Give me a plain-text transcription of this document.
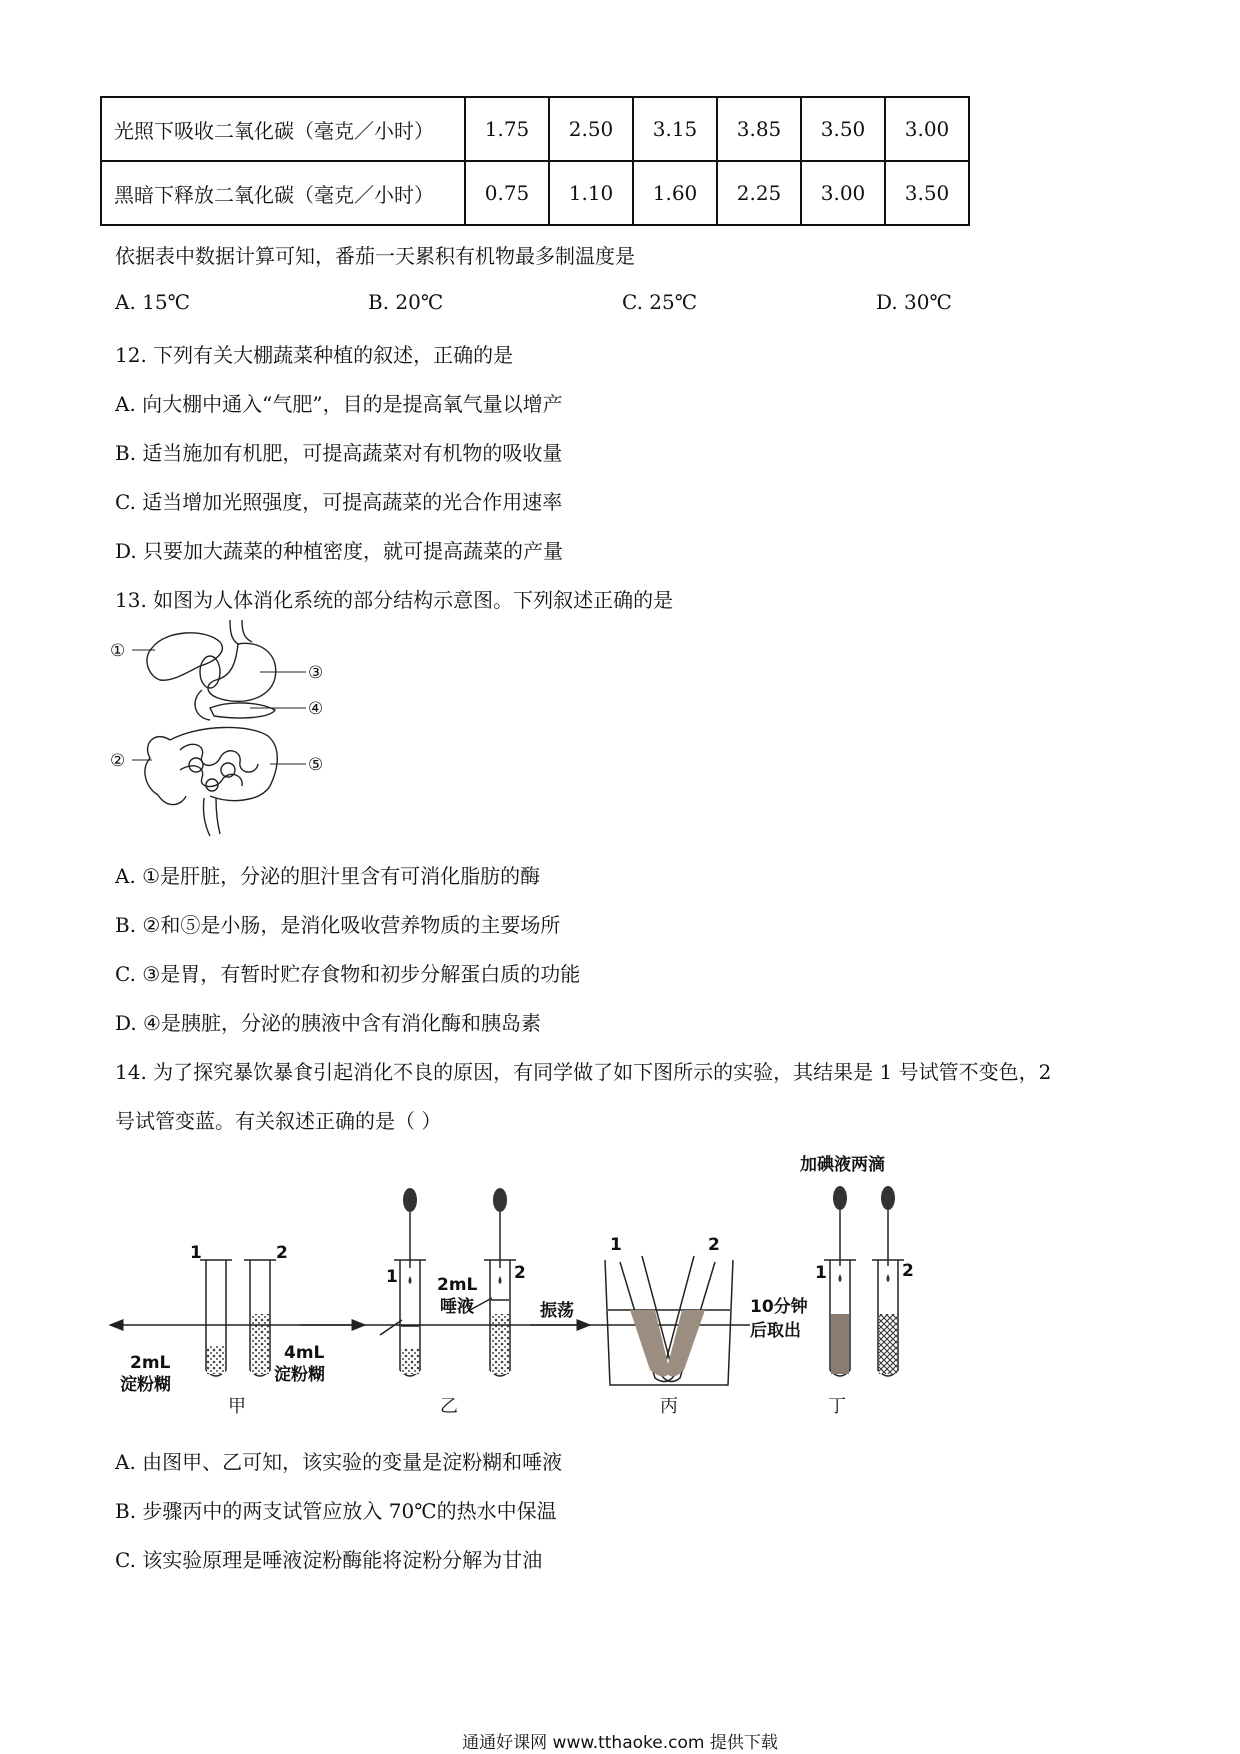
光照下吸收二氧化碳（毫克／小时）	1.75	2.50	3.15	3.85	3.50	3.00
黑暗下释放二氧化碳（毫克／小时）	0.75	1.10	1.60	2.25	3.00	3.50
依据表中数据计算可知，番茄一天累积有机物最多制温度是
A. 15℃	B. 20℃	C. 25℃	D. 30℃
12. 下列有关大棚蔬菜种植的叙述，正确的是
A. 向大棚中通入“气肥”，目的是提高氧气量以增产
B. 适当施加有机肥，可提高蔬菜对有机物的吸收量
C. 适当增加光照强度，可提高蔬菜的光合作用速率
D. 只要加大蔬菜的种植密度，就可提高蔬菜的产量
13. 如图为人体消化系统的部分结构示意图。下列叙述正确的是
①
②
③
④
⑤
A. ①是肝脏，分泌的胆汁里含有可消化脂肪的酶
B. ②和⑤是小肠，是消化吸收营养物质的主要场所
C. ③是胃，有暂时贮存食物和初步分解蛋白质的功能
D. ④是胰脏，分泌的胰液中含有消化酶和胰岛素
14. 为了探究暴饮暴食引起消化不良的原因，有同学做了如下图所示的实验，其结果是 1 号试管不变色，2
号试管变蓝。有关叙述正确的是（ ）
1	2
2mL
淀粉糊
4mL
淀粉糊
1	2
2mL
唾液	振荡
1	2
10分钟
后取出
1	2
加碘液两滴
甲	乙	丙	丁
A. 由图甲、乙可知，该实验的变量是淀粉糊和唾液
B. 步骤丙中的两支试管应放入 70℃的热水中保温
C. 该实验原理是唾液淀粉酶能将淀粉分解为甘油
通通好课网 www.tthaoke.com 提供下载
